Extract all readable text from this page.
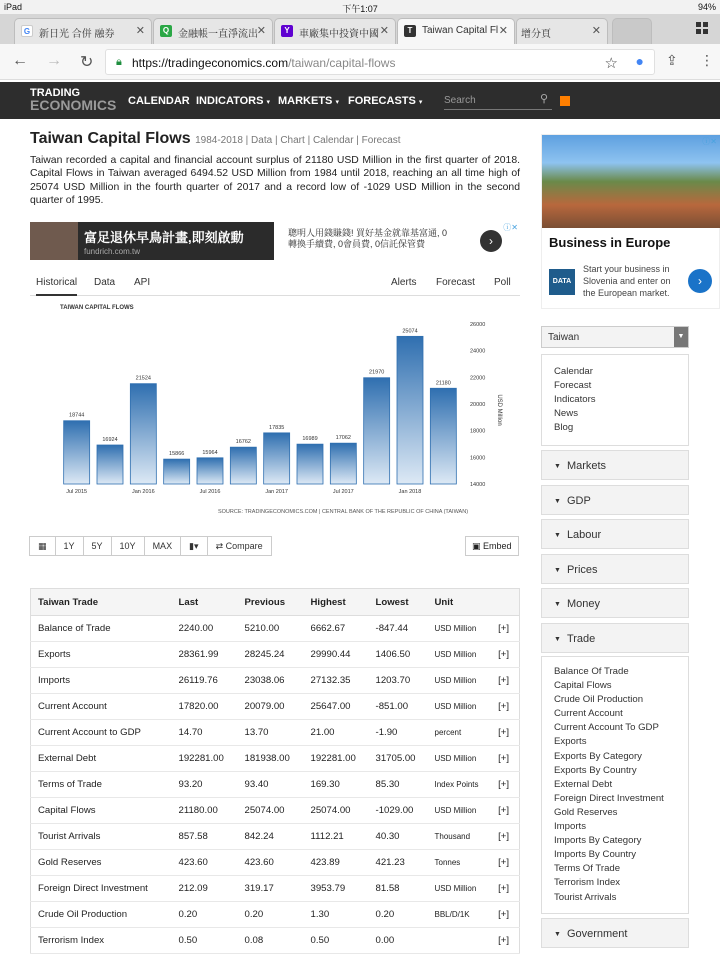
iPad	下午1:07	94%
G 新日光 合併 融券 ✕	Q 金融帳一直淨流出
✕	Y 車廠集中投資中國 ✕	T Taiwan Capital Fl ✕	增分頁	✕
← → ↻ 🔒︎ https://tradingeconomics.com/taiwan/capital-flows	☆ ● ⇪ ⋮
TRADING
ECONOMICS CALENDAR INDICATORS ▾ MARKETS ▾ FORECASTS ▾ Search	⚲
Taiwan Capital Flows 1984-2018 | Data | Chart | Calendar | Forecast

Taiwan recorded a capital and financial account surplus of 21180 USD Million in the first quarter of 2018. Capital Flows in Taiwan averaged 6494.52 USD Million from 1984 until 2018, reaching an all time high of 25074 USD Million in the fourth quarter of 2017 and a record low of -1029 USD Million in the second quarter of 1995.

富足退休早鳥計畫,即刻啟動
fundrich.com.tw
聰明人用錢賺錢! 買好基金就靠基富通, 0
轉換手續費, 0會員費, 0信託保管費	›
ⓘ✕
Historical Data API	Alerts Forecast Poll
TAIWAN CAPITAL FLOWS
18744
16924
21524
15866	15964
16762
17835
16989	17062
21970
25074
21180
14000
16000
18000
20000
22000
24000
26000
Jul 2015	Jan 2016	Jul 2016	Jan 2017	Jul 2017	Jan 2018
USD Million
SOURCE: TRADINGECONOMICS.COM | CENTRAL BANK OF THE REPUBLIC OF CHINA (TAIWAN)
▦	1Y	5Y	10Y	MAX	▮▾	⇄ Compare	▣ Embed
Taiwan Trade	Last	Previous	Highest	Lowest	Unit	
Balance of Trade	2240.00	5210.00	6662.67	-847.44	USD Million	[+]
Exports	28361.99	28245.24	29990.44	1406.50	USD Million	[+]
Imports	26119.76	23038.06	27132.35	1203.70	USD Million	[+]
Current Account	17820.00	20079.00	25647.00	-851.00	USD Million	[+]
Current Account to GDP	14.70	13.70	21.00	-1.90	percent	[+]
External Debt	192281.00	181938.00	192281.00	31705.00	USD Million	[+]
Terms of Trade	93.20	93.40	169.30	85.30	Index Points	[+]
Capital Flows	21180.00	25074.00	25074.00	-1029.00	USD Million	[+]
Tourist Arrivals	857.58	842.24	1112.21	40.30	Thousand	[+]
Gold Reserves	423.60	423.60	423.89	421.23	Tonnes	[+]
Foreign Direct Investment	212.09	319.17	3953.79	81.58	USD Million	[+]
Crude Oil Production	0.20	0.20	1.30	0.20	BBL/D/1K	[+]
Terrorism Index	0.50	0.08	0.50	0.00		[+]
ⓘ✕
Business in Europe
DATA
Start your business in Slovenia and enter on the European market.
›
Taiwan	▼
Calendar
Forecast
Indicators
News
Blog
▼ Markets
▼ GDP
▼ Labour
▼ Prices
▼ Money
▼ Trade
Balance Of Trade
Capital Flows
Crude Oil Production
Current Account
Current Account To GDP
Exports
Exports By Category
Exports By Country
External Debt
Foreign Direct Investment
Gold Reserves
Imports
Imports By Category
Imports By Country
Terms Of Trade
Terrorism Index
Tourist Arrivals
▼ Government
